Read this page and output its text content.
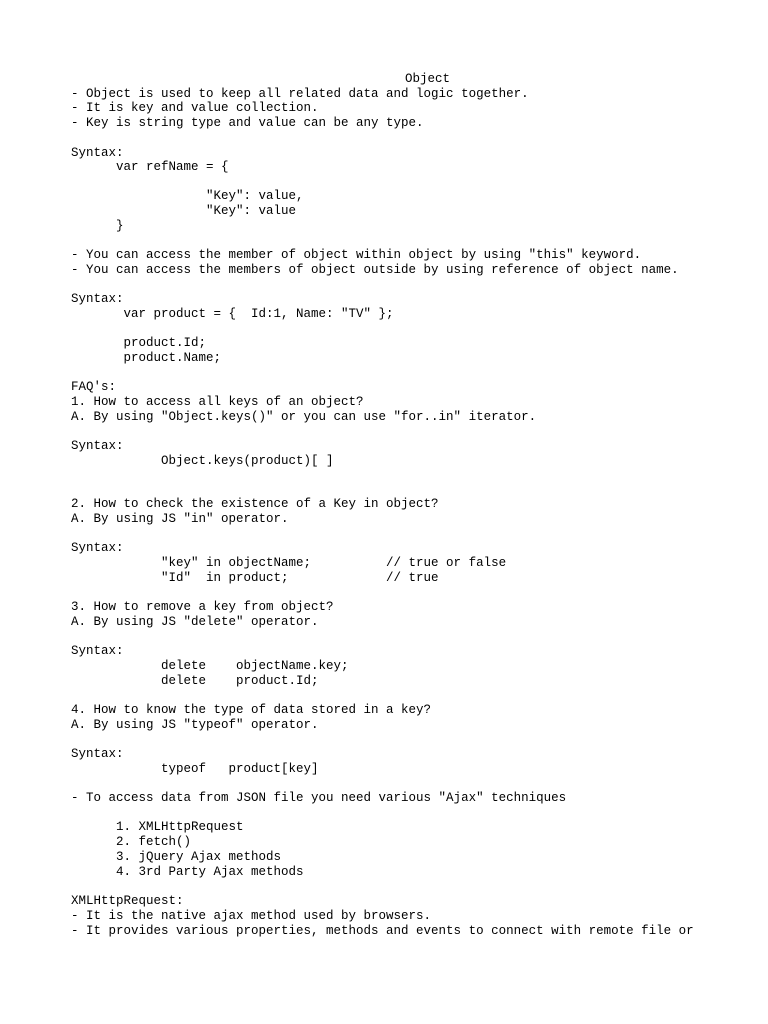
Object
- Object is used to keep all related data and logic together.
- It is key and value collection.
- Key is string type and value can be any type.
Syntax:
var refName = {
"Key": value,
"Key": value
}
- You can access the member of object within object by using "this" keyword.
- You can access the members of object outside by using reference of object name.
Syntax:
var product = {  Id:1, Name: "TV" };
product.Id;
product.Name;
FAQ's:
1. How to access all keys of an object?
A. By using "Object.keys()" or you can use "for..in" iterator.
Syntax:
Object.keys(product)[ ]
2. How to check the existence of a Key in object?
A. By using JS "in" operator.
Syntax:
"key" in objectName;          // true or false
"Id"  in product;             // true
3. How to remove a key from object?
A. By using JS "delete" operator.
Syntax:
delete    objectName.key;
delete    product.Id;
4. How to know the type of data stored in a key?
A. By using JS "typeof" operator.
Syntax:
typeof   product[key]
- To access data from JSON file you need various "Ajax" techniques
1. XMLHttpRequest
2. fetch()
3. jQuery Ajax methods
4. 3rd Party Ajax methods
XMLHttpRequest:
- It is the native ajax method used by browsers.
- It provides various properties, methods and events to connect with remote file or
